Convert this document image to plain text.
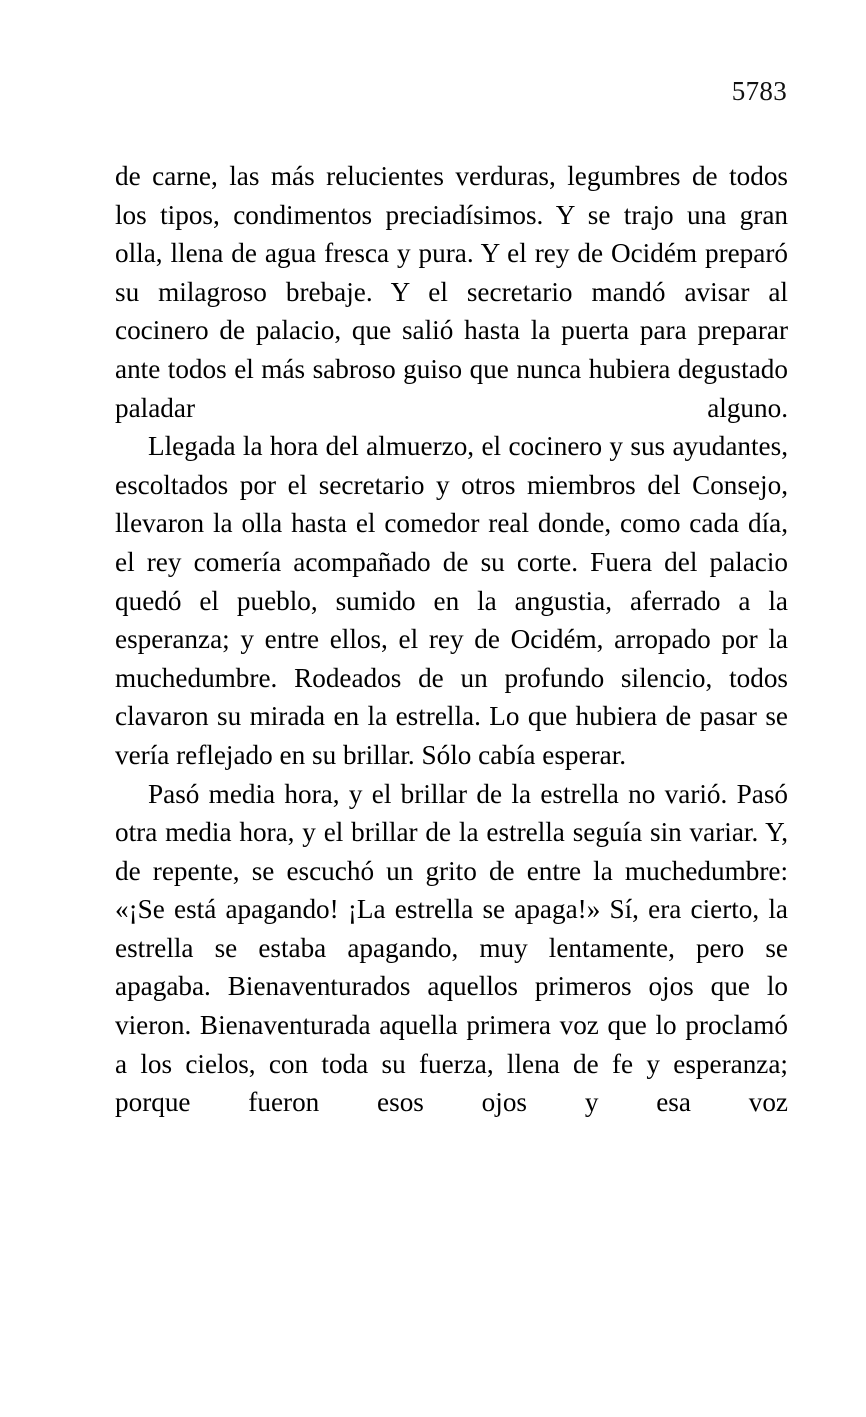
5783

de carne, las más relucientes verduras, legumbres de todos los tipos, condimentos preciadísimos. Y se trajo una gran olla, llena de agua fresca y pura. Y el rey de Ocidém preparó su milagroso brebaje. Y el secretario mandó avisar al cocinero de palacio, que salió hasta la puerta para preparar ante todos el más sabroso guiso que nunca hubiera degustado paladar alguno.

Llegada la hora del almuerzo, el cocinero y sus ayudantes, escoltados por el secretario y otros miembros del Consejo, llevaron la olla hasta el comedor real donde, como cada día, el rey comería acompañado de su corte. Fuera del palacio quedó el pueblo, sumido en la angustia, aferrado a la esperanza; y entre ellos, el rey de Ocidém, arropado por la muchedumbre. Rodeados de un profundo silencio, todos clavaron su mirada en la estrella. Lo que hubiera de pasar se vería reflejado en su brillar. Sólo cabía esperar.

Pasó media hora, y el brillar de la estrella no varió. Pasó otra media hora, y el brillar de la estrella seguía sin variar. Y, de repente, se escuchó un grito de entre la muchedumbre: «¡Se está apagando! ¡La estrella se apaga!» Sí, era cierto, la estrella se estaba apagando, muy lentamente, pero se apagaba. Bienaventurados aquellos primeros ojos que lo vieron. Bienaventurada aquella primera voz que lo proclamó a los cielos, con toda su fuerza, llena de fe y esperanza; porque fueron esos ojos y esa voz
